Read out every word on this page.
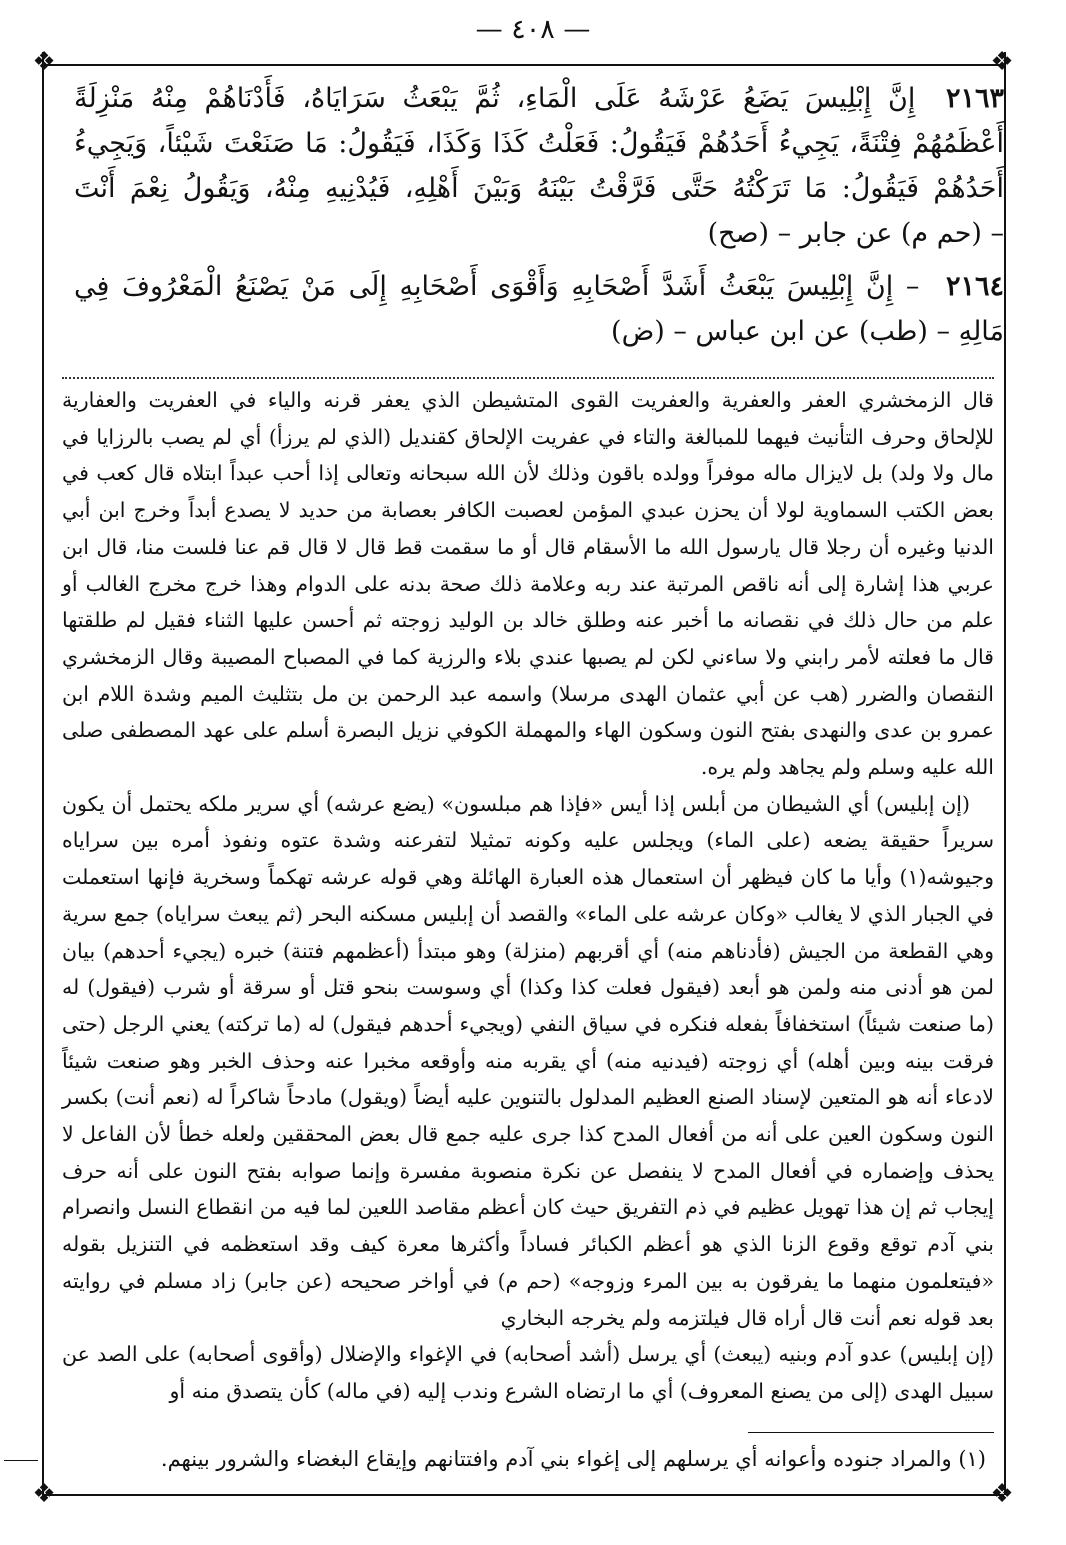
— ٤٠٨ —
❖	❖
❖	❖

٢١٦٣ إِنَّ إِبْلِيسَ يَضَعُ عَرْشَهُ عَلَى الْمَاءِ، ثُمَّ يَبْعَثُ سَرَايَاهُ، فَأَدْنَاهُمْ مِنْهُ مَنْزِلَةً أَعْظَمُهُمْ فِتْنَةً، يَجِيءُ أَحَدُهُمْ فَيَقُولُ: فَعَلْتُ كَذَا وَكَذَا، فَيَقُولُ: مَا صَنَعْتَ شَيْئاً، وَيَجِيءُ أَحَدُهُمْ فَيَقُولُ: مَا تَرَكْتُهُ حَتَّى فَرَّقْتُ بَيْنَهُ وَبَيْنَ أَهْلِهِ، فَيُدْنِيهِ مِنْهُ، وَيَقُولُ نِعْمَ أَنْتَ – (حم م) عن جابر – (صح)

٢١٦٤ – إِنَّ إِبْلِيسَ يَبْعَثُ أَشَدَّ أَصْحَابِهِ وَأَقْوَى أَصْحَابِهِ إِلَى مَنْ يَصْنَعُ الْمَعْرُوفَ فِي مَالِهِ – (طب) عن ابن عباس – (ض)

قال الزمخشري العفر والعفرية والعفريت القوى المتشيطن الذي يعفر قرنه والياء في العفريت والعفارية للإلحاق وحرف التأنيث فيهما للمبالغة والتاء في عفريت الإلحاق كقنديل (الذي لم يرزأ) أي لم يصب بالرزايا في مال ولا ولد) بل لايزال ماله موفراً وولده باقون وذلك لأن الله سبحانه وتعالى إذا أحب عبداً ابتلاه قال كعب في بعض الكتب السماوية لولا أن يحزن عبدي المؤمن لعصبت الكافر بعصابة من حديد لا يصدع أبداً وخرج ابن أبي الدنيا وغيره أن رجلا قال يارسول الله ما الأسقام قال أو ما سقمت قط قال لا قال قم عنا فلست منا، قال ابن عربي هذا إشارة إلى أنه ناقص المرتبة عند ربه وعلامة ذلك صحة بدنه على الدوام وهذا خرج مخرج الغالب أو علم من حال ذلك في نقصانه ما أخبر عنه وطلق خالد بن الوليد زوجته ثم أحسن عليها الثناء فقيل لم طلقتها قال ما فعلته لأمر رابني ولا ساءني لكن لم يصبها عندي بلاء والرزية كما في المصباح المصيبة وقال الزمخشري النقصان والضرر (هب عن أبي عثمان الهدى مرسلا) واسمه عبد الرحمن بن مل بتثليث الميم وشدة اللام ابن عمرو بن عدى والنهدى بفتح النون وسكون الهاء والمهملة الكوفي نزيل البصرة أسلم على عهد المصطفى صلى الله عليه وسلم ولم يجاهد ولم يره.

(إن إبليس) أي الشيطان من أبلس إذا أيس «فإذا هم مبلسون» (يضع عرشه) أي سرير ملكه يحتمل أن يكون سريراً حقيقة يضعه (على الماء) ويجلس عليه وكونه تمثيلا لتفرعنه وشدة عتوه ونفوذ أمره بين سراياه وجيوشه(١) وأيا ما كان فيظهر أن استعمال هذه العبارة الهائلة وهي قوله عرشه تهكماً وسخرية فإنها استعملت في الجبار الذي لا يغالب «وكان عرشه على الماء» والقصد أن إبليس مسكنه البحر (ثم يبعث سراياه) جمع سرية وهي القطعة من الجيش (فأدناهم منه) أي أقربهم (منزلة) وهو مبتدأ (أعظمهم فتنة) خبره (يجيء أحدهم) بيان لمن هو أدنى منه ولمن هو أبعد (فيقول فعلت كذا وكذا) أي وسوست بنحو قتل أو سرقة أو شرب (فيقول) له (ما صنعت شيئاً) استخفافاً بفعله فنكره في سياق النفي (ويجيء أحدهم فيقول) له (ما تركته) يعني الرجل (حتى فرقت بينه وبين أهله) أي زوجته (فيدنيه منه) أي يقربه منه وأوقعه مخبرا عنه وحذف الخبر وهو صنعت شيئاً لادعاء أنه هو المتعين لإسناد الصنع العظيم المدلول بالتنوين عليه أيضاً (ويقول) مادحاً شاكراً له (نعم أنت) بكسر النون وسكون العين على أنه من أفعال المدح كذا جرى عليه جمع قال بعض المحققين ولعله خطأ لأن الفاعل لا يحذف وإضماره في أفعال المدح لا ينفصل عن نكرة منصوبة مفسرة وإنما صوابه بفتح النون على أنه حرف إيجاب ثم إن هذا تهويل عظيم في ذم التفريق حيث كان أعظم مقاصد اللعين لما فيه من انقطاع النسل وانصرام بني آدم توقع وقوع الزنا الذي هو أعظم الكبائر فساداً وأكثرها معرة كيف وقد استعظمه في التنزيل بقوله «فيتعلمون منهما ما يفرقون به بين المرء وزوجه» (حم م) في أواخر صحيحه (عن جابر) زاد مسلم في روايته بعد قوله نعم أنت قال أراه قال فيلتزمه ولم يخرجه البخاري

(إن إبليس) عدو آدم وبنيه (يبعث) أي يرسل (أشد أصحابه) في الإغواء والإضلال (وأقوى أصحابه) على الصد عن سبيل الهدى (إلى من يصنع المعروف) أي ما ارتضاه الشرع وندب إليه (في ماله) كأن يتصدق منه أو

(١) والمراد جنوده وأعوانه أي يرسلهم إلى إغواء بني آدم وافتتانهم وإيقاع البغضاء والشرور بينهم.
